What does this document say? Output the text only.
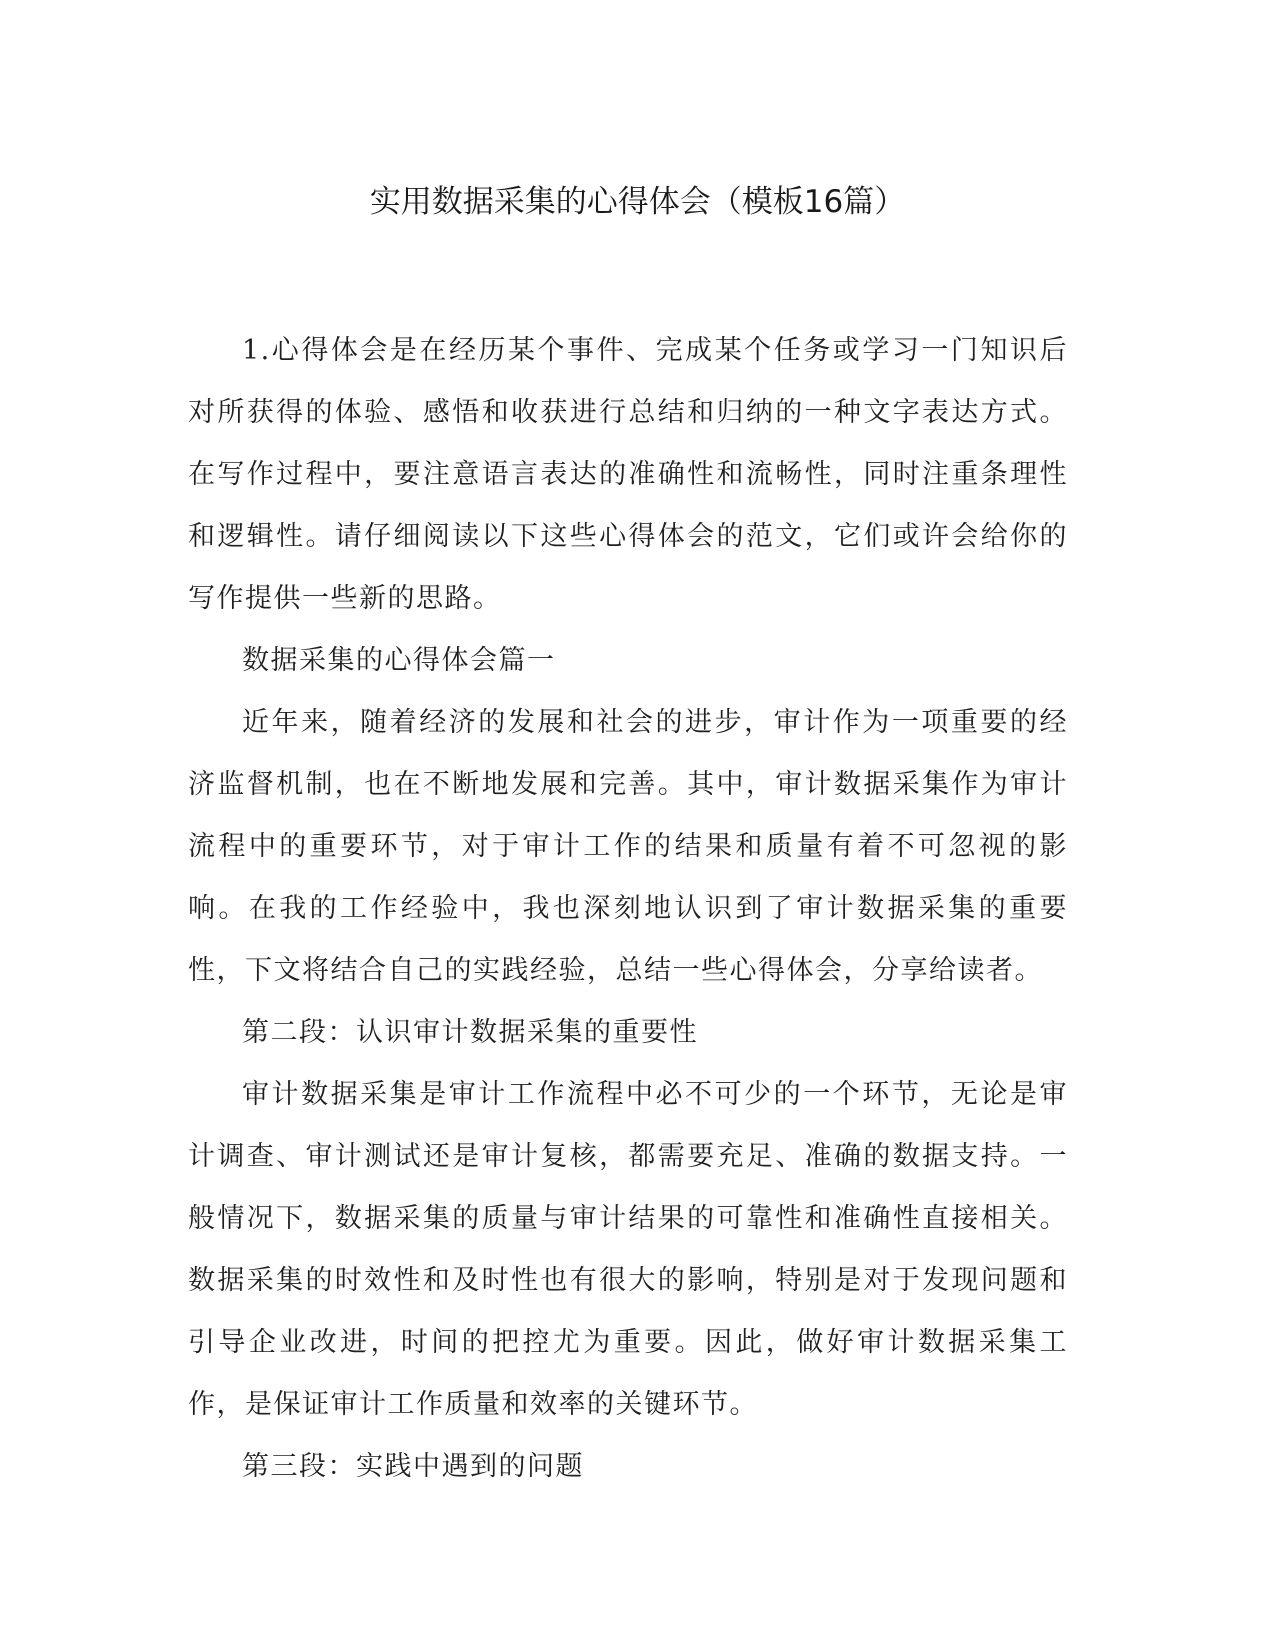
实用数据采集的心得体会（模板16篇）

1.心得体会是在经历某个事件、完成某个任务或学习一门知识后对所获得的体验、感悟和收获进行总结和归纳的一种文字表达方式。在写作过程中，要注意语言表达的准确性和流畅性，同时注重条理性和逻辑性。请仔细阅读以下这些心得体会的范文，它们或许会给你的写作提供一些新的思路。

数据采集的心得体会篇一

近年来，随着经济的发展和社会的进步，审计作为一项重要的经济监督机制，也在不断地发展和完善。其中，审计数据采集作为审计流程中的重要环节，对于审计工作的结果和质量有着不可忽视的影响。在我的工作经验中，我也深刻地认识到了审计数据采集的重要性，下文将结合自己的实践经验，总结一些心得体会，分享给读者。

第二段：认识审计数据采集的重要性

审计数据采集是审计工作流程中必不可少的一个环节，无论是审计调查、审计测试还是审计复核，都需要充足、准确的数据支持。一般情况下，数据采集的质量与审计结果的可靠性和准确性直接相关。数据采集的时效性和及时性也有很大的影响，特别是对于发现问题和引导企业改进，时间的把控尤为重要。因此，做好审计数据采集工作，是保证审计工作质量和效率的关键环节。

第三段：实践中遇到的问题
